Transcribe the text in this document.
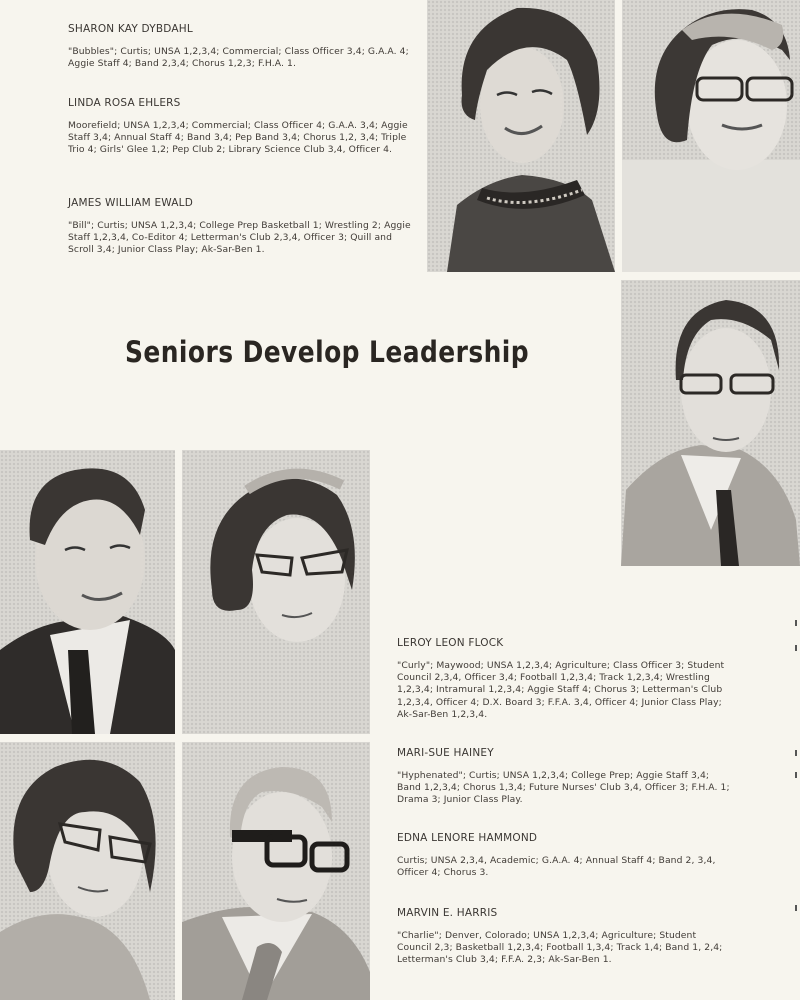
SHARON KAY DYBDAHL

"Bubbles"; Curtis; UNSA 1,2,3,4; Commercial; Class Officer 3,4; G.A.A. 4; Aggie Staff 4; Band 2,3,4; Chorus 1,2,3; F.H.A. 1.

LINDA ROSA EHLERS

Moorefield; UNSA 1,2,3,4; Commercial; Class Officer 4; G.A.A. 3,4; Aggie Staff 3,4; Annual Staff 4; Band 3,4; Pep Band 3,4; Chorus 1,2, 3,4; Triple Trio 4; Girls' Glee 1,2; Pep Club 2; Library Science Club 3,4, Officer 4.

JAMES WILLIAM EWALD

"Bill"; Curtis; UNSA 1,2,3,4; College Prep Basketball 1; Wrestling 2; Aggie Staff 1,2,3,4, Co-Editor 4; Letterman's Club 2,3,4, Officer 3; Quill and Scroll 3,4; Junior Class Play; Ak-Sar-Ben 1.

Seniors Develop Leadership

LEROY LEON FLOCK

"Curly"; Maywood; UNSA 1,2,3,4; Agriculture; Class Officer 3; Student Council 2,3,4, Officer 3,4; Football 1,2,3,4; Track 1,2,3,4; Wrestling 1,2,3,4; Intramural 1,2,3,4; Aggie Staff 4; Chorus 3; Letterman's Club 1,2,3,4, Officer 4; D.X. Board 3; F.F.A. 3,4, Officer 4; Junior Class Play; Ak-Sar-Ben 1,2,3,4.

MARI-SUE HAINEY

"Hyphenated"; Curtis; UNSA 1,2,3,4; College Prep; Aggie Staff 3,4; Band 1,2,3,4; Chorus 1,3,4; Future Nurses' Club 3,4, Officer 3; F.H.A. 1; Drama 3; Junior Class Play.

EDNA LENORE HAMMOND

Curtis; UNSA 2,3,4, Academic; G.A.A. 4; Annual Staff 4; Band 2, 3,4, Officer 4; Chorus 3.

MARVIN E. HARRIS

"Charlie"; Denver, Colorado; UNSA 1,2,3,4; Agriculture; Student Council 2,3; Basketball 1,2,3,4; Football 1,3,4; Track 1,4; Band 1, 2,4; Letterman's Club 3,4; F.F.A. 2,3; Ak-Sar-Ben 1.
